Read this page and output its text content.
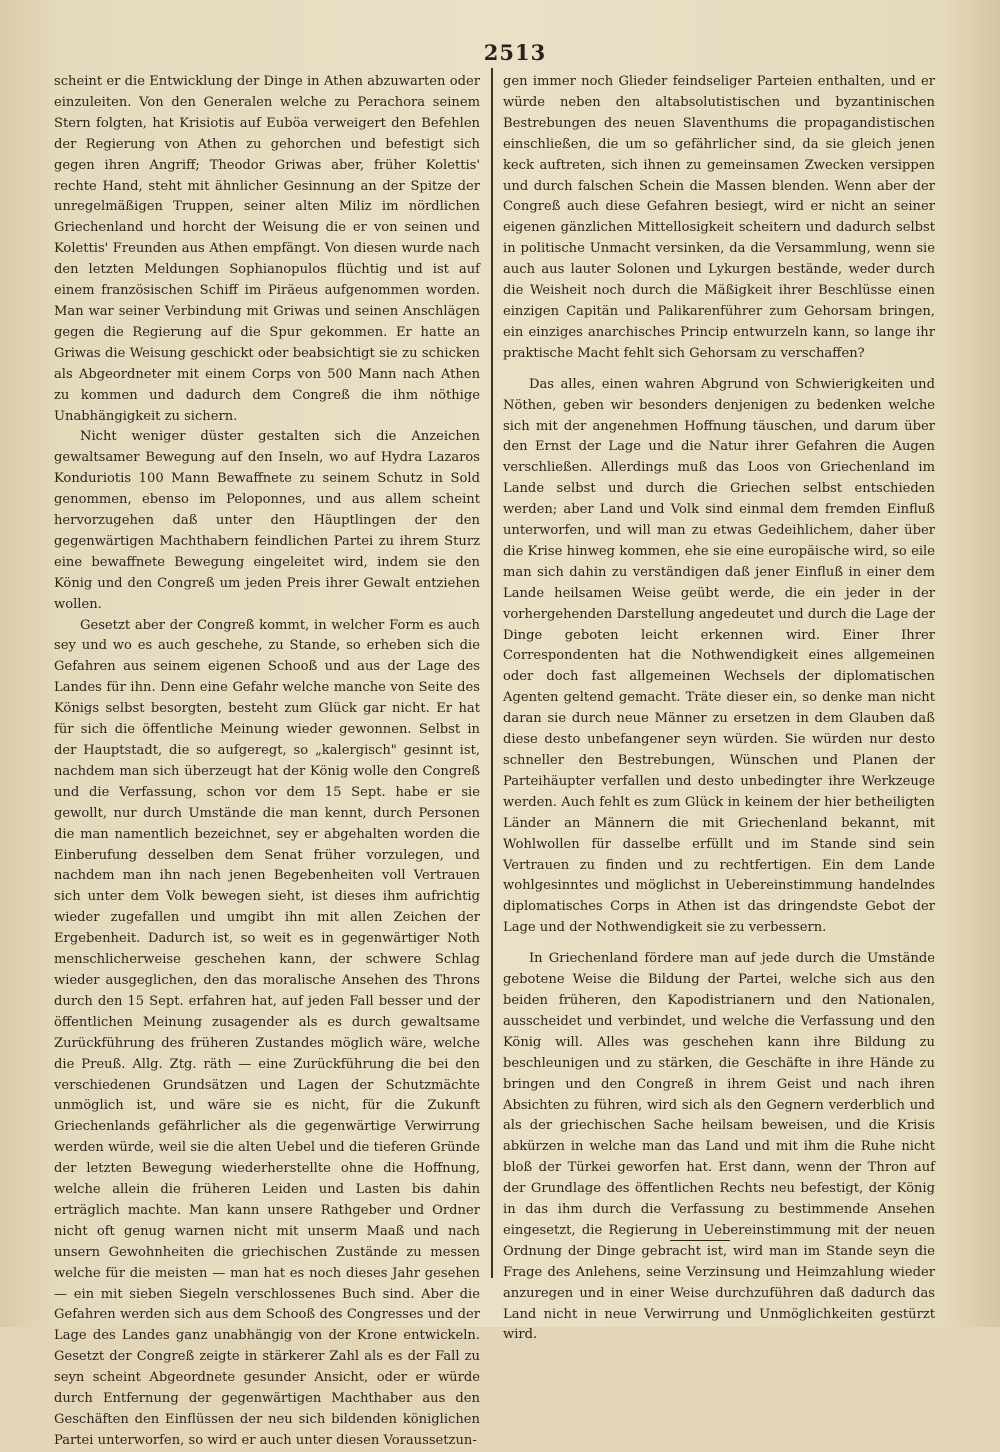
2513

scheint er die Entwicklung der Dinge in Athen abzuwarten oder einzuleiten. Von den Generalen welche zu Perachora seinem Stern folgten, hat Krisiotis auf Euböa verweigert den Befehlen der Regierung von Athen zu gehorchen und befestigt sich gegen ihren Angriff; Theodor Griwas aber, früher Kolettis' rechte Hand, steht mit ähnlicher Gesinnung an der Spitze der unregelmäßigen Truppen, seiner alten Miliz im nördlichen Griechenland und horcht der Weisung die er von seinen und Kolettis' Freunden aus Athen empfängt. Von diesen wurde nach den letzten Meldungen Sophianopulos flüchtig und ist auf einem französischen Schiff im Piräeus aufgenommen worden. Man war seiner Verbindung mit Griwas und seinen Anschlägen gegen die Regierung auf die Spur gekommen. Er hatte an Griwas die Weisung geschickt oder beabsichtigt sie zu schicken als Abgeordneter mit einem Corps von 500 Mann nach Athen zu kommen und dadurch dem Congreß die ihm nöthige Unabhängigkeit zu sichern.

Nicht weniger düster gestalten sich die Anzeichen gewaltsamer Bewegung auf den Inseln, wo auf Hydra Lazaros Konduriotis 100 Mann Bewaffnete zu seinem Schutz in Sold genommen, ebenso im Peloponnes, und aus allem scheint hervorzugehen daß unter den Häuptlingen der den gegenwärtigen Machthabern feindlichen Partei zu ihrem Sturz eine bewaffnete Bewegung eingeleitet wird, indem sie den König und den Congreß um jeden Preis ihrer Gewalt entziehen wollen.

Gesetzt aber der Congreß kommt, in welcher Form es auch sey und wo es auch geschehe, zu Stande, so erheben sich die Gefahren aus seinem eigenen Schooß und aus der Lage des Landes für ihn. Denn eine Gefahr welche manche von Seite des Königs selbst besorgten, besteht zum Glück gar nicht. Er hat für sich die öffentliche Meinung wieder gewonnen. Selbst in der Hauptstadt, die so aufgeregt, so „kalergisch" gesinnt ist, nachdem man sich überzeugt hat der König wolle den Congreß und die Verfassung, schon vor dem 15 Sept. habe er sie gewollt, nur durch Umstände die man kennt, durch Personen die man namentlich bezeichnet, sey er abgehalten worden die Einberufung desselben dem Senat früher vorzulegen, und nachdem man ihn nach jenen Begebenheiten voll Vertrauen sich unter dem Volk bewegen sieht, ist dieses ihm aufrichtig wieder zugefallen und umgibt ihn mit allen Zeichen der Ergebenheit. Dadurch ist, so weit es in gegenwärtiger Noth menschlicherweise geschehen kann, der schwere Schlag wieder ausgeglichen, den das moralische Ansehen des Throns durch den 15 Sept. erfahren hat, auf jeden Fall besser und der öffentlichen Meinung zusagender als es durch gewaltsame Zurückführung des früheren Zustandes möglich wäre, welche die Preuß. Allg. Ztg. räth — eine Zurückführung die bei den verschiedenen Grundsätzen und Lagen der Schutzmächte unmöglich ist, und wäre sie es nicht, für die Zukunft Griechenlands gefährlicher als die gegenwärtige Verwirrung werden würde, weil sie die alten Uebel und die tieferen Gründe der letzten Bewegung wiederherstellte ohne die Hoffnung, welche allein die früheren Leiden und Lasten bis dahin erträglich machte. Man kann unsere Rathgeber und Ordner nicht oft genug warnen nicht mit unserm Maaß und nach unsern Gewohnheiten die griechischen Zustände zu messen welche für die meisten — man hat es noch dieses Jahr gesehen — ein mit sieben Siegeln verschlossenes Buch sind. Aber die Gefahren werden sich aus dem Schooß des Congresses und der Lage des Landes ganz unabhängig von der Krone entwickeln. Gesetzt der Congreß zeigte in stärkerer Zahl als es der Fall zu seyn scheint Abgeordnete gesunder Ansicht, oder er würde durch Entfernung der gegenwärtigen Machthaber aus den Geschäften den Einflüssen der neu sich bildenden königlichen Partei unterworfen, so wird er auch unter diesen Voraussetzun-

gen immer noch Glieder feindseliger Parteien enthalten, und er würde neben den altabsolutistischen und byzantinischen Bestrebungen des neuen Slaventhums die propagandistischen einschließen, die um so gefährlicher sind, da sie gleich jenen keck auftreten, sich ihnen zu gemeinsamen Zwecken versippen und durch falschen Schein die Massen blenden. Wenn aber der Congreß auch diese Gefahren besiegt, wird er nicht an seiner eigenen gänzlichen Mittellosigkeit scheitern und dadurch selbst in politische Unmacht versinken, da die Versammlung, wenn sie auch aus lauter Solonen und Lykurgen bestände, weder durch die Weisheit noch durch die Mäßigkeit ihrer Beschlüsse einen einzigen Capitän und Palikarenführer zum Gehorsam bringen, ein einziges anarchisches Princip entwurzeln kann, so lange ihr praktische Macht fehlt sich Gehorsam zu verschaffen?

Das alles, einen wahren Abgrund von Schwierigkeiten und Nöthen, geben wir besonders denjenigen zu bedenken welche sich mit der angenehmen Hoffnung täuschen, und darum über den Ernst der Lage und die Natur ihrer Gefahren die Augen verschließen. Allerdings muß das Loos von Griechenland im Lande selbst und durch die Griechen selbst entschieden werden; aber Land und Volk sind einmal dem fremden Einfluß unterworfen, und will man zu etwas Gedeihlichem, daher über die Krise hinweg kommen, ehe sie eine europäische wird, so eile man sich dahin zu verständigen daß jener Einfluß in einer dem Lande heilsamen Weise geübt werde, die ein jeder in der vorhergehenden Darstellung angedeutet und durch die Lage der Dinge geboten leicht erkennen wird. Einer Ihrer Correspondenten hat die Nothwendigkeit eines allgemeinen oder doch fast allgemeinen Wechsels der diplomatischen Agenten geltend gemacht. Träte dieser ein, so denke man nicht daran sie durch neue Männer zu ersetzen in dem Glauben daß diese desto unbefangener seyn würden. Sie würden nur desto schneller den Bestrebungen, Wünschen und Planen der Parteihäupter verfallen und desto unbedingter ihre Werkzeuge werden. Auch fehlt es zum Glück in keinem der hier betheiligten Länder an Männern die mit Griechenland bekannt, mit Wohlwollen für dasselbe erfüllt und im Stande sind sein Vertrauen zu finden und zu rechtfertigen. Ein dem Lande wohlgesinntes und möglichst in Uebereinstimmung handelndes diplomatisches Corps in Athen ist das dringendste Gebot der Lage und der Nothwendigkeit sie zu verbessern.

In Griechenland fördere man auf jede durch die Umstände gebotene Weise die Bildung der Partei, welche sich aus den beiden früheren, den Kapodistrianern und den Nationalen, ausscheidet und verbindet, und welche die Verfassung und den König will. Alles was geschehen kann ihre Bildung zu beschleunigen und zu stärken, die Geschäfte in ihre Hände zu bringen und den Congreß in ihrem Geist und nach ihren Absichten zu führen, wird sich als den Gegnern verderblich und als der griechischen Sache heilsam beweisen, und die Krisis abkürzen in welche man das Land und mit ihm die Ruhe nicht bloß der Türkei geworfen hat. Erst dann, wenn der Thron auf der Grundlage des öffentlichen Rechts neu befestigt, der König in das ihm durch die Verfassung zu bestimmende Ansehen eingesetzt, die Regierung in Uebereinstimmung mit der neuen Ordnung der Dinge gebracht ist, wird man im Stande seyn die Frage des Anlehens, seine Verzinsung und Heimzahlung wieder anzuregen und in einer Weise durchzuführen daß dadurch das Land nicht in neue Verwirrung und Unmöglichkeiten gestürzt wird.
